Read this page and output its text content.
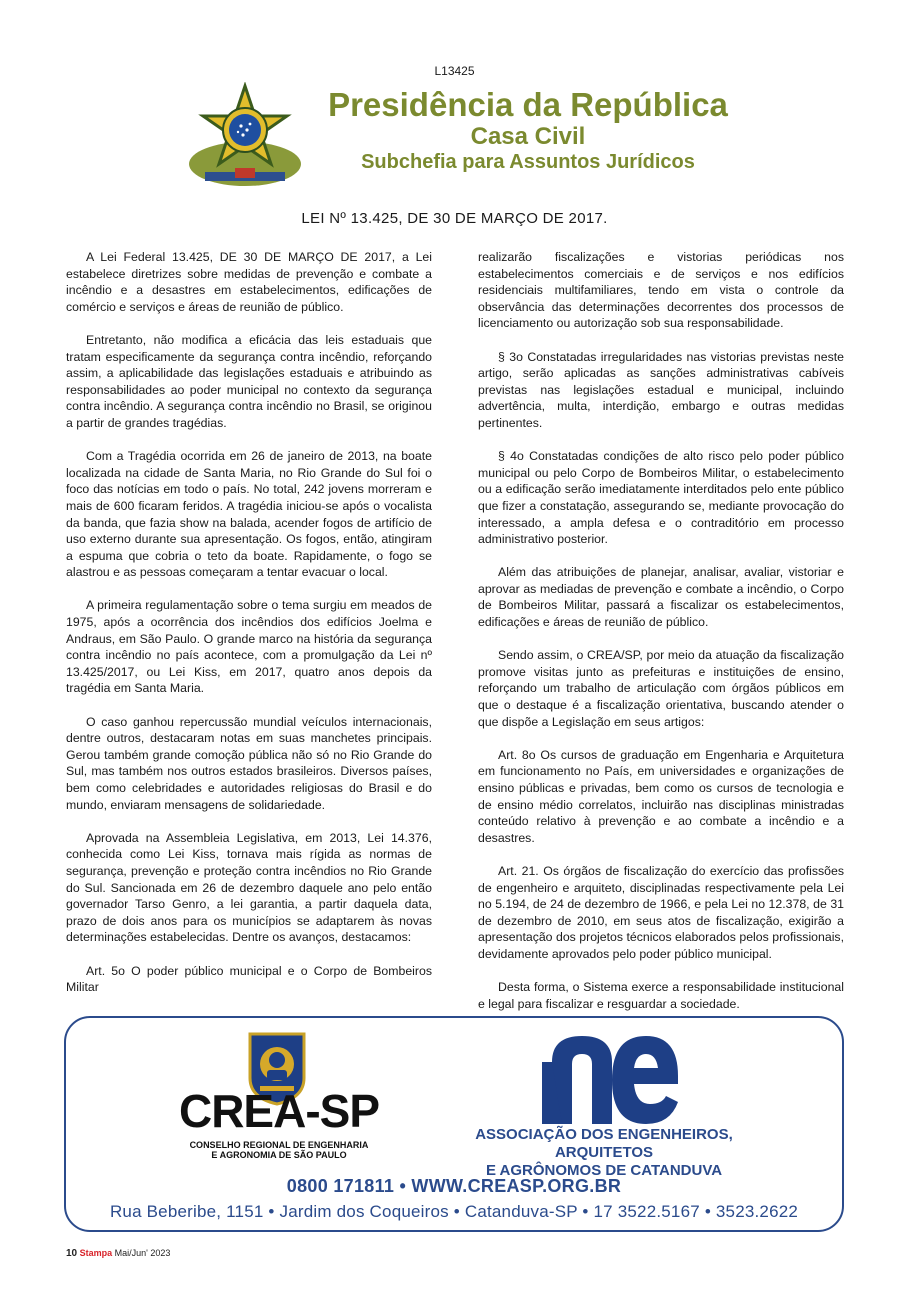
L13425
Presidência da República
Casa Civil
Subchefia para Assuntos Jurídicos
LEI Nº 13.425, DE 30 DE MARÇO DE 2017.

A Lei Federal 13.425, DE 30 DE MARÇO DE 2017, a Lei estabelece diretrizes sobre medidas de prevenção e combate a incêndio e a desastres em estabelecimentos, edificações de comércio e serviços e áreas de reunião de público.

Entretanto, não modifica a eficácia das leis estaduais que tratam especificamente da segurança contra incêndio, reforçando assim, a aplicabilidade das legislações estaduais e atribuindo as responsabilidades ao poder municipal no contexto da segurança contra incêndio. A segurança contra incêndio no Brasil, se originou a partir de grandes tragédias.

Com a Tragédia ocorrida em 26 de janeiro de 2013, na boate localizada na cidade de Santa Maria, no Rio Grande do Sul foi o foco das notícias em todo o país. No total, 242 jovens morreram e mais de 600 ficaram feridos. A tragédia iniciou-se após o vocalista da banda, que fazia show na balada, acender fogos de artifício de uso externo durante sua apresentação. Os fogos, então, atingiram a espuma que cobria o teto da boate. Rapidamente, o fogo se alastrou e as pessoas começaram a tentar evacuar o local.

A primeira regulamentação sobre o tema surgiu em meados de 1975, após a ocorrência dos incêndios dos edifícios Joelma e Andraus, em São Paulo. O grande marco na história da segurança contra incêndio no país acontece, com a promulgação da Lei nº 13.425/2017, ou Lei Kiss, em 2017, quatro anos depois da tragédia em Santa Maria.

O caso ganhou repercussão mundial veículos internacionais, dentre outros, destacaram notas em suas manchetes principais. Gerou também grande comoção pública não só no Rio Grande do Sul, mas também nos outros estados brasileiros. Diversos países, bem como celebridades e autoridades religiosas do Brasil e do mundo, enviaram mensagens de solidariedade.

Aprovada na Assembleia Legislativa, em 2013, Lei 14.376, conhecida como Lei Kiss, tornava mais rígida as normas de segurança, prevenção e proteção contra incêndios no Rio Grande do Sul. Sancionada em 26 de dezembro daquele ano pelo então governador Tarso Genro, a lei garantia, a partir daquela data, prazo de dois anos para os municípios se adaptarem às novas determinações estabelecidas. Dentre os avanços, destacamos:

Art. 5o O poder público municipal e o Corpo de Bombeiros Militar

realizarão fiscalizações e vistorias periódicas nos estabelecimentos comerciais e de serviços e nos edifícios residenciais multifamiliares, tendo em vista o controle da observância das determinações decorrentes dos processos de licenciamento ou autorização sob sua responsabilidade.

§ 3o Constatadas irregularidades nas vistorias previstas neste artigo, serão aplicadas as sanções administrativas cabíveis previstas nas legislações estadual e municipal, incluindo advertência, multa, interdição, embargo e outras medidas pertinentes.

§ 4o Constatadas condições de alto risco pelo poder público municipal ou pelo Corpo de Bombeiros Militar, o estabelecimento ou a edificação serão imediatamente interditados pelo ente público que fizer a constatação, assegurando se, mediante provocação do interessado, a ampla defesa e o contraditório em processo administrativo posterior.

Além das atribuições de planejar, analisar, avaliar, vistoriar e aprovar as mediadas de prevenção e combate a incêndio, o Corpo de Bombeiros Militar, passará a fiscalizar os estabelecimentos, edificações e áreas de reunião de público.

Sendo assim, o CREA/SP, por meio da atuação da fiscalização promove visitas junto as prefeituras e instituições de ensino, reforçando um trabalho de articulação com órgãos públicos em que o destaque é a fiscalização orientativa, buscando atender o que dispõe a Legislação em seus artigos:

Art. 8o Os cursos de graduação em Engenharia e Arquitetura em funcionamento no País, em universidades e organizações de ensino públicas e privadas, bem como os cursos de tecnologia e de ensino médio correlatos, incluirão nas disciplinas ministradas conteúdo relativo à prevenção e ao combate a incêndio e a desastres.

Art. 21. Os órgãos de fiscalização do exercício das profissões de engenheiro e arquiteto, disciplinadas respectivamente pela Lei no 5.194, de 24 de dezembro de 1966, e pela Lei no 12.378, de 31 de dezembro de 2010, em seus atos de fiscalização, exigirão a apresentação dos projetos técnicos elaborados pelos profissionais, devidamente aprovados pelo poder público municipal.

Desta forma, o Sistema exerce a responsabilidade institucional e legal para fiscalizar e resguardar a sociedade.

CREA-SP
CONSELHO REGIONAL DE ENGENHARIA
E AGRONOMIA DE SÃO PAULO
ASSOCIAÇÃO DOS ENGENHEIROS, ARQUITETOS
E AGRÔNOMOS DE CATANDUVA
0800 171811 • WWW.CREASP.ORG.BR
Rua Beberibe, 1151 • Jardim dos Coqueiros • Catanduva-SP • 17 3522.5167 • 3523.2622
10 Stampa Mai/Jun' 2023
